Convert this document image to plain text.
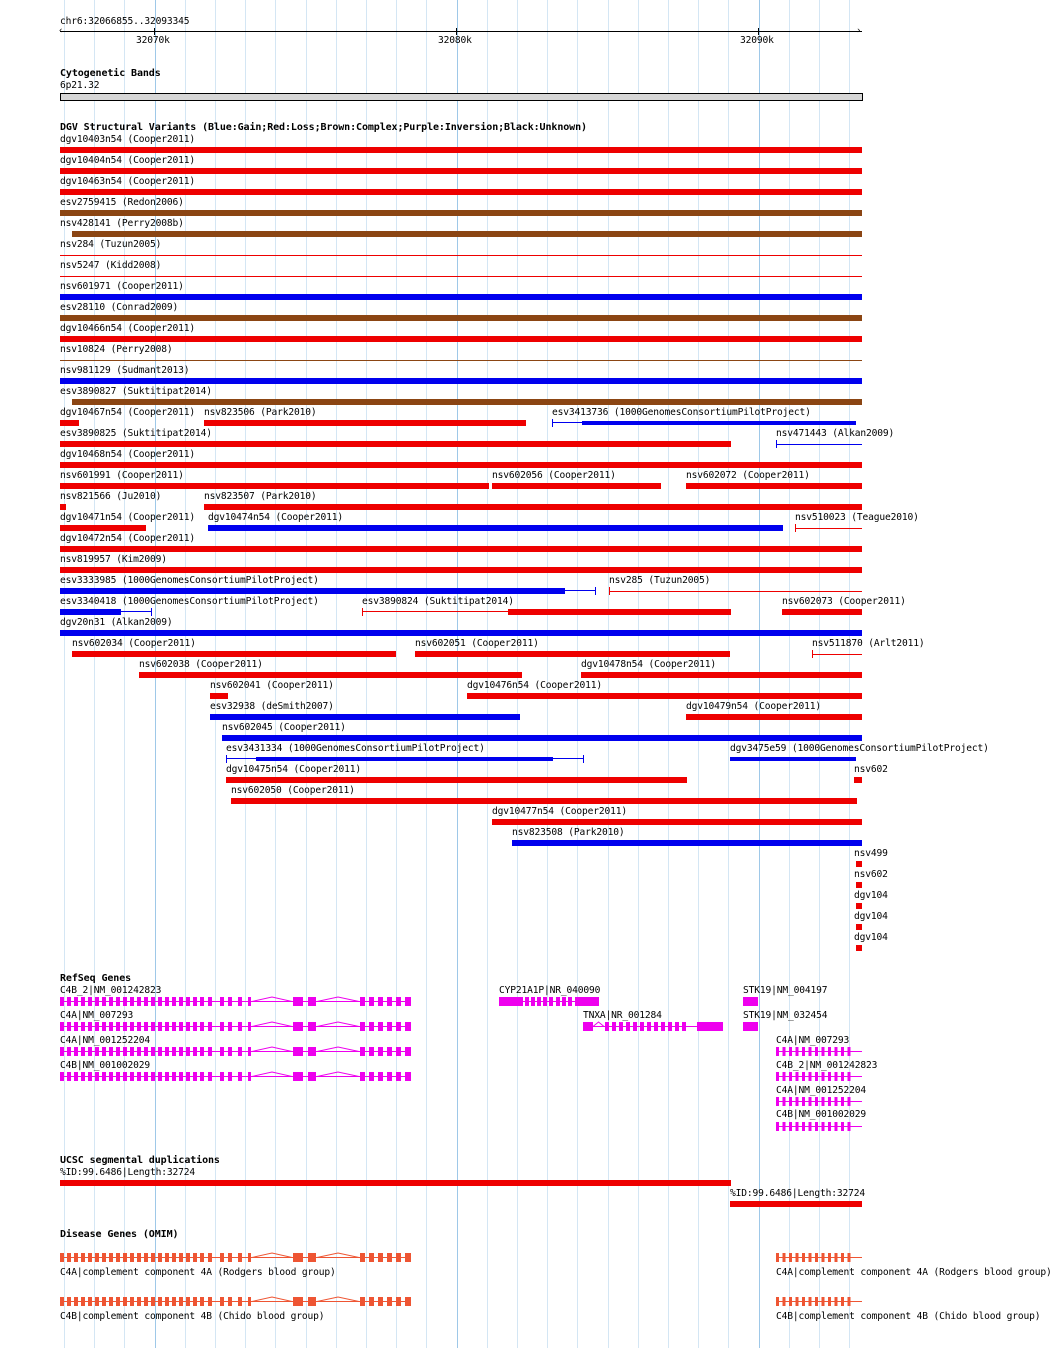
chr6:32066855..32093345
32070k	32080k	32090k
‹	›
Cytogenetic Bands
6p21.32
DGV Structural Variants (Blue:Gain;Red:Loss;Brown:Complex;Purple:Inversion;Black:Unknown)
dgv10403n54 (Cooper2011)
dgv10404n54 (Cooper2011)
dgv10463n54 (Cooper2011)
esv2759415 (Redon2006)
nsv428141 (Perry2008b)
nsv284 (Tuzun2005)
nsv5247 (Kidd2008)
nsv601971 (Cooper2011)
esv28110 (Conrad2009)
dgv10466n54 (Cooper2011)
nsv10824 (Perry2008)
nsv981129 (Sudmant2013)
esv3890827 (Suktitipat2014)
dgv10467n54 (Cooper2011) nsv823506 (Park2010)	esv3413736 (1000GenomesConsortiumPilotProject)
esv3890825 (Suktitipat2014)	nsv471443 (Alkan2009)
dgv10468n54 (Cooper2011)
nsv601991 (Cooper2011)	nsv602056 (Cooper2011)	nsv602072 (Cooper2011)
nsv821566 (Ju2010)	nsv823507 (Park2010)
dgv10471n54 (Cooper2011) dgv10474n54 (Cooper2011)	nsv510023 (Teague2010)
dgv10472n54 (Cooper2011)
nsv819957 (Kim2009)
esv3333985 (1000GenomesConsortiumPilotProject)	nsv285 (Tuzun2005)
esv3340418 (1000GenomesConsortiumPilotProject)	esv3890824 (Suktitipat2014)	nsv602073 (Cooper2011)
dgv20n31 (Alkan2009)
nsv602034 (Cooper2011)	nsv602051 (Cooper2011)	nsv511870 (Arlt2011)
nsv602038 (Cooper2011)	dgv10478n54 (Cooper2011)
nsv602041 (Cooper2011)	dgv10476n54 (Cooper2011)
esv32938 (deSmith2007)	dgv10479n54 (Cooper2011)
nsv602045 (Cooper2011)
esv3431334 (1000GenomesConsortiumPilotProject)	dgv3475e59 (1000GenomesConsortiumPilotProject)
dgv10475n54 (Cooper2011)	nsv602
nsv602050 (Cooper2011)
dgv10477n54 (Cooper2011)
nsv823508 (Park2010)
nsv499
nsv602
dgv104
dgv104
dgv104
RefSeq Genes
C4B_2|NM_001242823	CYP21A1P|NR_040090	STK19|NM_004197
C4A|NM_007293	TNXA|NR_001284	STK19|NM_032454
C4A|NM_001252204	C4A|NM_007293
C4B|NM_001002029	C4B_2|NM_001242823
C4A|NM_001252204
C4B|NM_001002029
UCSC segmental duplications
%ID:99.6486|Length:32724
%ID:99.6486|Length:32724
Disease Genes (OMIM)
C4A|complement component 4A (Rodgers blood group)	C4A|complement component 4A (Rodgers blood group)
C4B|complement component 4B (Chido blood group)	C4B|complement component 4B (Chido blood group)
